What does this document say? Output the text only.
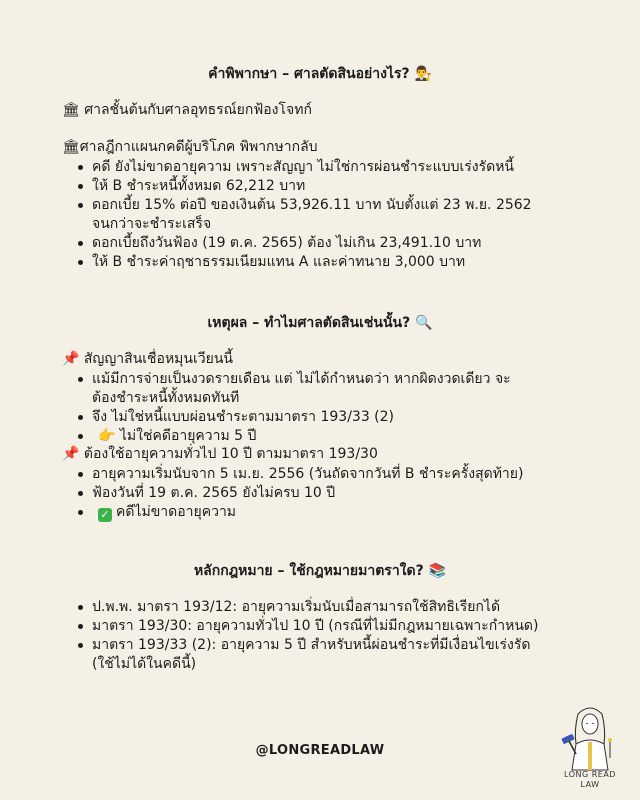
คำพิพากษา – ศาลตัดสินอย่างไร? 👨‍⚖️
🏛 ศาลชั้นต้นกับศาลอุทธรณ์ยกฟ้องโจทก์
🏛ศาลฎีกาแผนกคดีผู้บริโภค พิพากษากลับ
คดี ยังไม่ขาดอายุความ เพราะสัญญา ไม่ใช่การผ่อนชำระแบบเร่งรัดหนี้
ให้ B ชำระหนี้ทั้งหมด 62,212 บาท
ดอกเบี้ย 15% ต่อปี ของเงินต้น 53,926.11 บาท นับตั้งแต่ 23 พ.ย. 2562
จนกว่าจะชำระเสร็จ
ดอกเบี้ยถึงวันฟ้อง (19 ต.ค. 2565) ต้อง ไม่เกิน 23,491.10 บาท
ให้ B ชำระค่าฤชาธรรมเนียมแทน A และค่าทนาย 3,000 บาท
เหตุผล – ทำไมศาลตัดสินเช่นนั้น? 🔍
📌 สัญญาสินเชื่อหมุนเวียนนี้
แม้มีการจ่ายเป็นงวดรายเดือน แต่ ไม่ได้กำหนดว่า หากผิดงวดเดียว จะ
ต้องชำระหนี้ทั้งหมดทันที
จึง ไม่ใช่หนี้แบบผ่อนชำระตามมาตรา 193/33 (2)
👉 ไม่ใช่คดีอายุความ 5 ปี
📌 ต้องใช้อายุความทั่วไป 10 ปี ตามมาตรา 193/30
อายุความเริ่มนับจาก 5 เม.ย. 2556 (วันถัดจากวันที่ B ชำระครั้งสุดท้าย)
ฟ้องวันที่ 19 ต.ค. 2565 ยังไม่ครบ 10 ปี
✓ คดีไม่ขาดอายุความ
หลักกฎหมาย – ใช้กฎหมายมาตราใด? 📚
ป.พ.พ. มาตรา 193/12: อายุความเริ่มนับเมื่อสามารถใช้สิทธิเรียกได้
มาตรา 193/30: อายุความทั่วไป 10 ปี (กรณีที่ไม่มีกฎหมายเฉพาะกำหนด)
มาตรา 193/33 (2): อายุความ 5 ปี สำหรับหนี้ผ่อนชำระที่มีเงื่อนไขเร่งรัด
(ใช้ไม่ได้ในคดีนี้)
@LONGREADLAW
LONG READ
LAW
